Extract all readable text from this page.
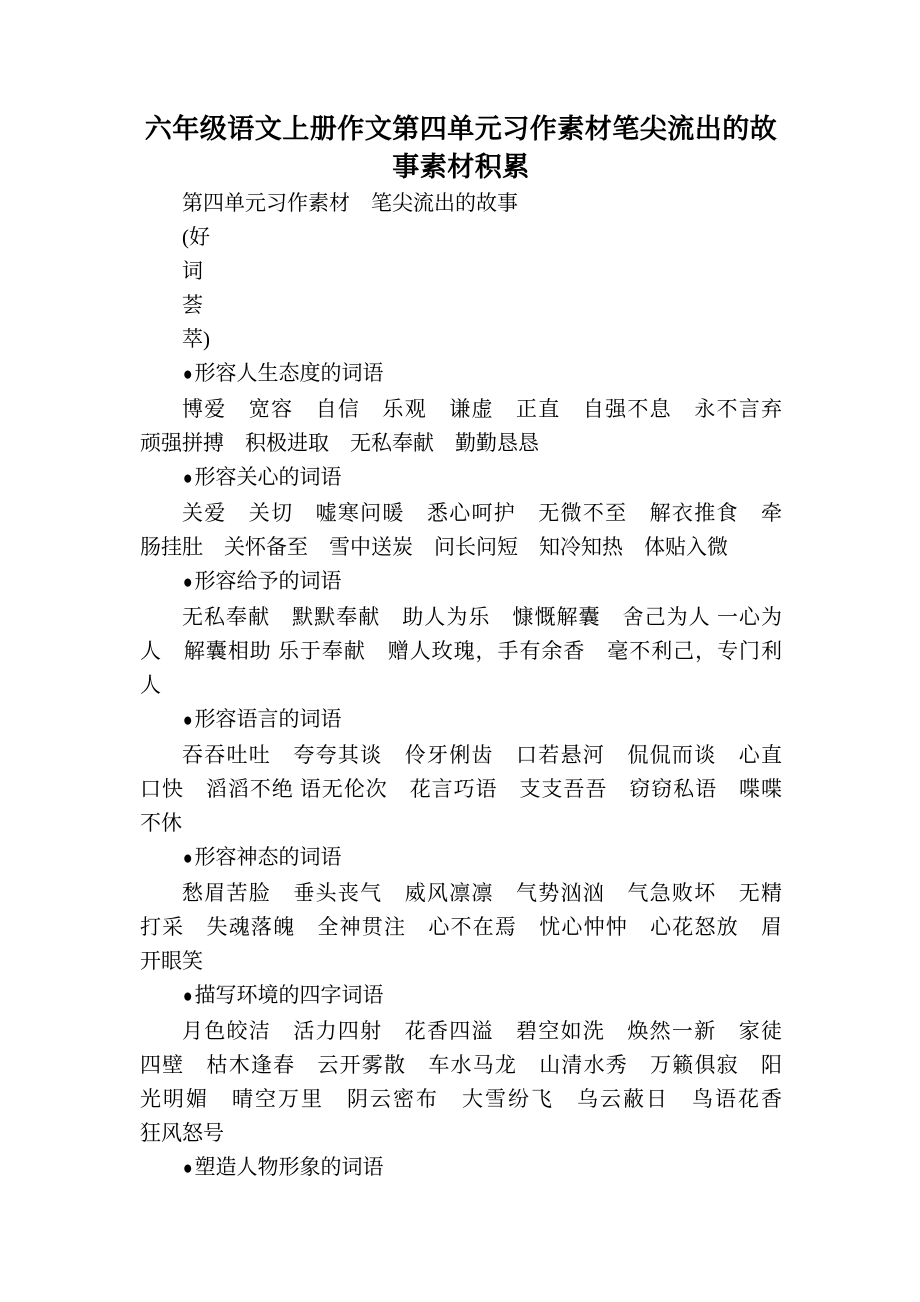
六年级语文上册作文第四单元习作素材笔尖流出的故
事素材积累
第四单元习作素材　笔尖流出的故事
(好
词
荟
萃)
●形容人生态度的词语
博爱　宽容　自信　乐观　谦虚　正直　自强不息　永不言弃
顽强拼搏　积极进取　无私奉献　勤勤恳恳
●形容关心的词语
关爱　关切　嘘寒问暖　悉心呵护　无微不至　解衣推食　牵
肠挂肚　关怀备至　雪中送炭　问长问短　知冷知热　体贴入微
●形容给予的词语
无私奉献　默默奉献　助人为乐　慷慨解囊　舍己为人 一心为
人　解囊相助 乐于奉献　赠人玫瑰，手有余香　毫不利己，专门利
人
●形容语言的词语
吞吞吐吐　夸夸其谈　伶牙俐齿　口若悬河　侃侃而谈　心直
口快　滔滔不绝 语无伦次　花言巧语　支支吾吾　窃窃私语　喋喋
不休
●形容神态的词语
愁眉苦脸　垂头丧气　威风凛凛　气势汹汹　气急败坏　无精
打采　失魂落魄　全神贯注　心不在焉　忧心忡忡　心花怒放　眉
开眼笑
●描写环境的四字词语
月色皎洁　活力四射　花香四溢　碧空如洗　焕然一新　家徒
四壁　枯木逢春　云开雾散　车水马龙　山清水秀　万籁俱寂　阳
光明媚　晴空万里　阴云密布　大雪纷飞　乌云蔽日　鸟语花香
狂风怒号
●塑造人物形象的词语
